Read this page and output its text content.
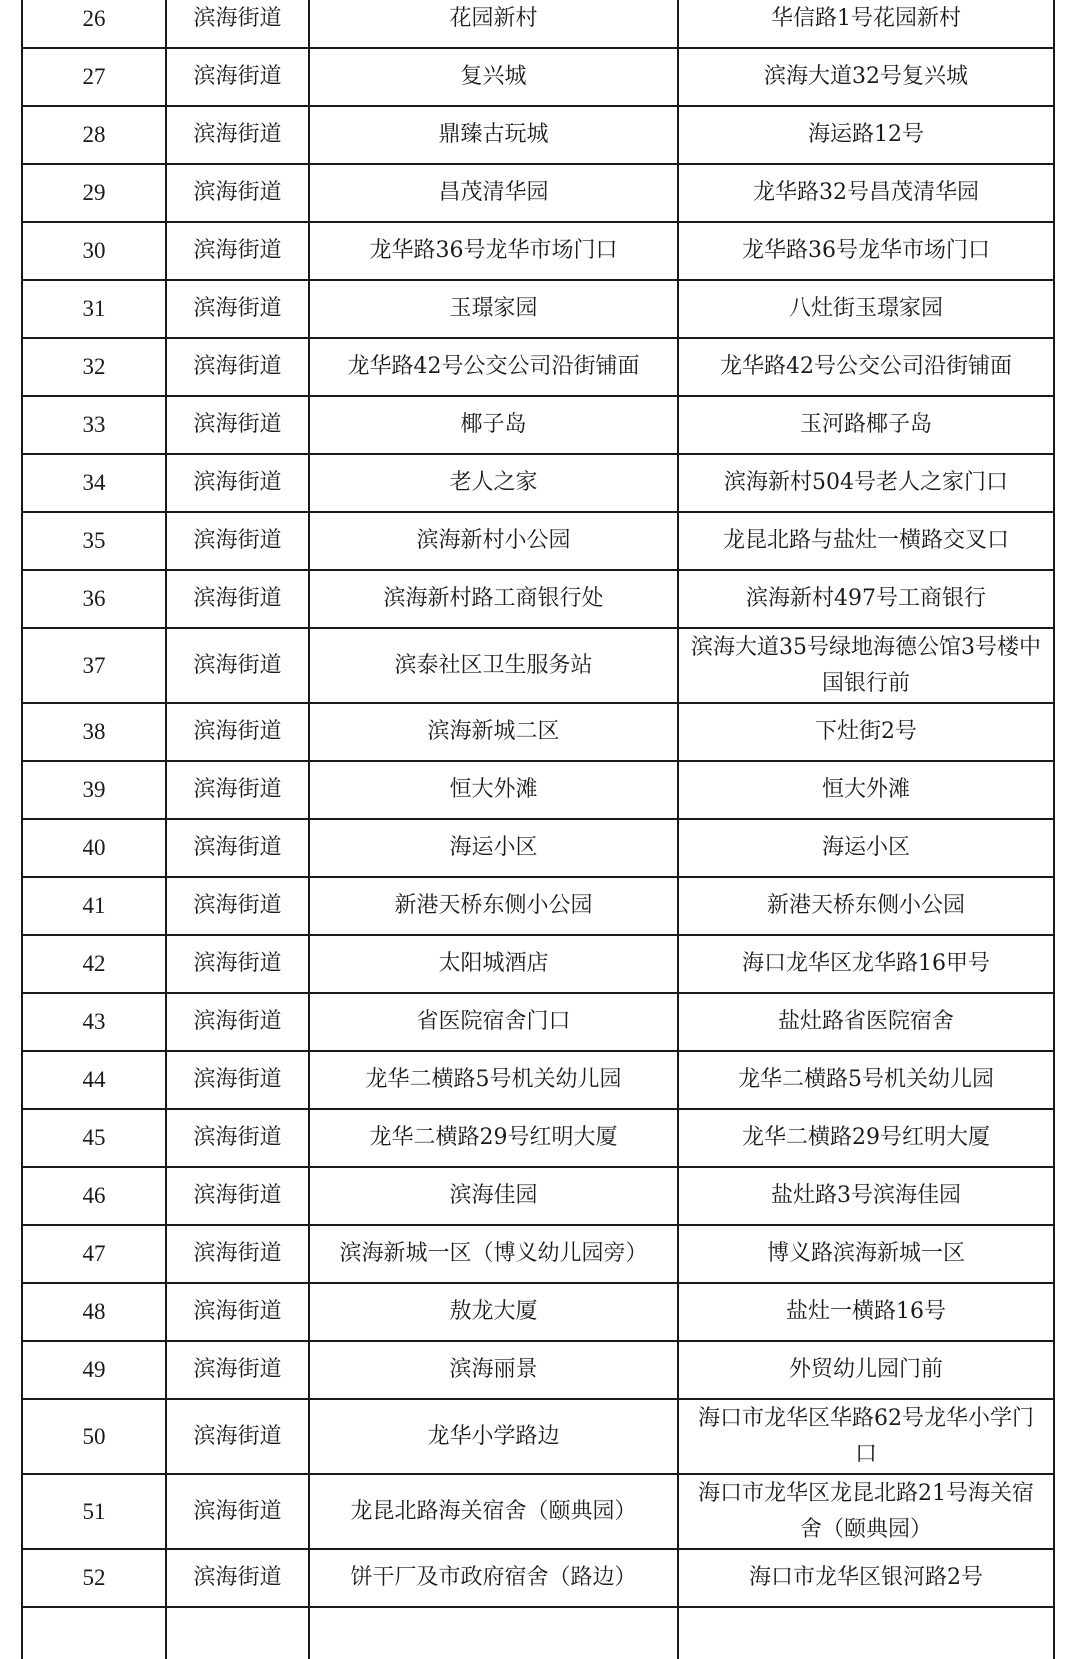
26	滨海街道	花园新村	华信路1号花园新村
27	滨海街道	复兴城	滨海大道32号复兴城
28	滨海街道	鼎臻古玩城	海运路12号
29	滨海街道	昌茂清华园	龙华路32号昌茂清华园
30	滨海街道	龙华路36号龙华市场门口	龙华路36号龙华市场门口
31	滨海街道	玉璟家园	八灶街玉璟家园
32	滨海街道	龙华路42号公交公司沿街铺面	龙华路42号公交公司沿街铺面
33	滨海街道	椰子岛	玉河路椰子岛
34	滨海街道	老人之家	滨海新村504号老人之家门口
35	滨海街道	滨海新村小公园	龙昆北路与盐灶一横路交叉口
36	滨海街道	滨海新村路工商银行处	滨海新村497号工商银行
37	滨海街道	滨泰社区卫生服务站	滨海大道35号绿地海德公馆3号楼中国银行前
38	滨海街道	滨海新城二区	下灶街2号
39	滨海街道	恒大外滩	恒大外滩
40	滨海街道	海运小区	海运小区
41	滨海街道	新港天桥东侧小公园	新港天桥东侧小公园
42	滨海街道	太阳城酒店	海口龙华区龙华路16甲号
43	滨海街道	省医院宿舍门口	盐灶路省医院宿舍
44	滨海街道	龙华二横路5号机关幼儿园	龙华二横路5号机关幼儿园
45	滨海街道	龙华二横路29号红明大厦	龙华二横路29号红明大厦
46	滨海街道	滨海佳园	盐灶路3号滨海佳园
47	滨海街道	滨海新城一区（博义幼儿园旁）	博义路滨海新城一区
48	滨海街道	敖龙大厦	盐灶一横路16号
49	滨海街道	滨海丽景	外贸幼儿园门前
50	滨海街道	龙华小学路边	海口市龙华区华路62号龙华小学门口
51	滨海街道	龙昆北路海关宿舍（颐典园）	海口市龙华区龙昆北路21号海关宿舍（颐典园）
52	滨海街道	饼干厂及市政府宿舍（路边）	海口市龙华区银河路2号
